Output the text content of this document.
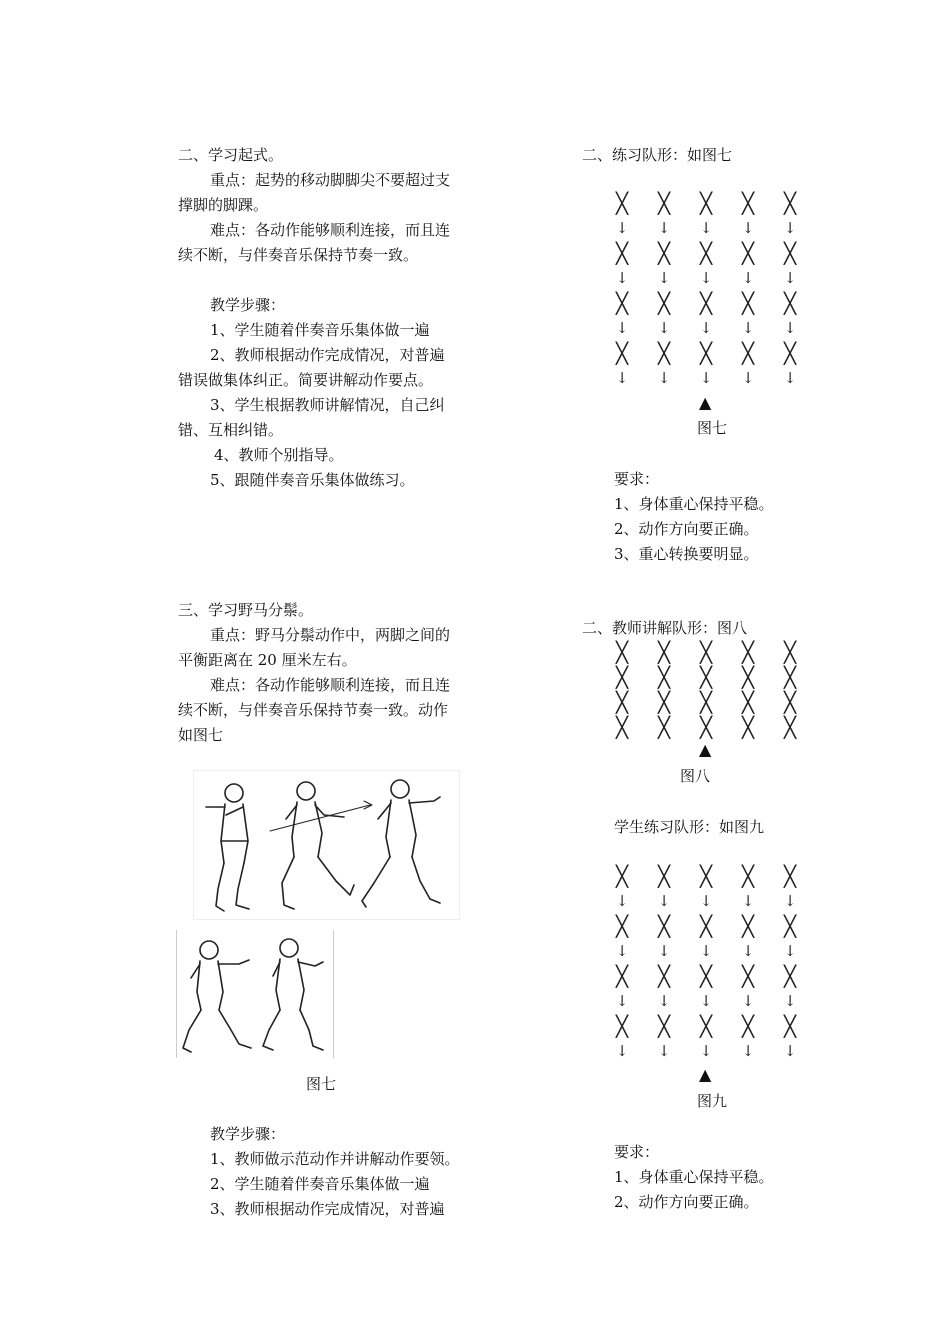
二、学习起式。
重点：起势的移动脚脚尖不要超过支
撑脚的脚踝。
难点：各动作能够顺利连接，而且连
续不断，与伴奏音乐保持节奏一致。
教学步骤：
1、学生随着伴奏音乐集体做一遍
2、教师根据动作完成情况，对普遍
错误做集体纠正。简要讲解动作要点。
3、学生根据教师讲解情况，自己纠
错、互相纠错。
4、教师个别指导。
5、跟随伴奏音乐集体做练习。
三、学习野马分鬃。
重点：野马分鬃动作中，两脚之间的
平衡距离在 20 厘米左右。
难点：各动作能够顺利连接，而且连
续不断，与伴奏音乐保持节奏一致。动作
如图七
图七
教学步骤：
1、教师做示范动作并讲解动作要领。
2、学生随着伴奏音乐集体做一遍
3、教师根据动作完成情况，对普遍
二、练习队形：如图七
╳ ╳ ╳ ╳ ╳
↓ ↓ ↓ ↓ ↓
╳ ╳ ╳ ╳ ╳
↓ ↓ ↓ ↓ ↓
╳ ╳ ╳ ╳ ╳
↓ ↓ ↓ ↓ ↓
╳ ╳ ╳ ╳ ╳
↓ ↓ ↓ ↓ ↓
▲
图七
要求：
1、身体重心保持平稳。
2、动作方向要正确。
3、重心转换要明显。
二、教师讲解队形：图八
╳ ╳ ╳ ╳ ╳
╳ ╳ ╳ ╳ ╳
╳ ╳ ╳ ╳ ╳
╳ ╳ ╳ ╳ ╳
▲
图八
学生练习队形：如图九
╳ ╳ ╳ ╳ ╳
↓ ↓ ↓ ↓ ↓
╳ ╳ ╳ ╳ ╳
↓ ↓ ↓ ↓ ↓
╳ ╳ ╳ ╳ ╳
↓ ↓ ↓ ↓ ↓
╳ ╳ ╳ ╳ ╳
↓ ↓ ↓ ↓ ↓
▲
图九
要求：
1、身体重心保持平稳。
2、动作方向要正确。
